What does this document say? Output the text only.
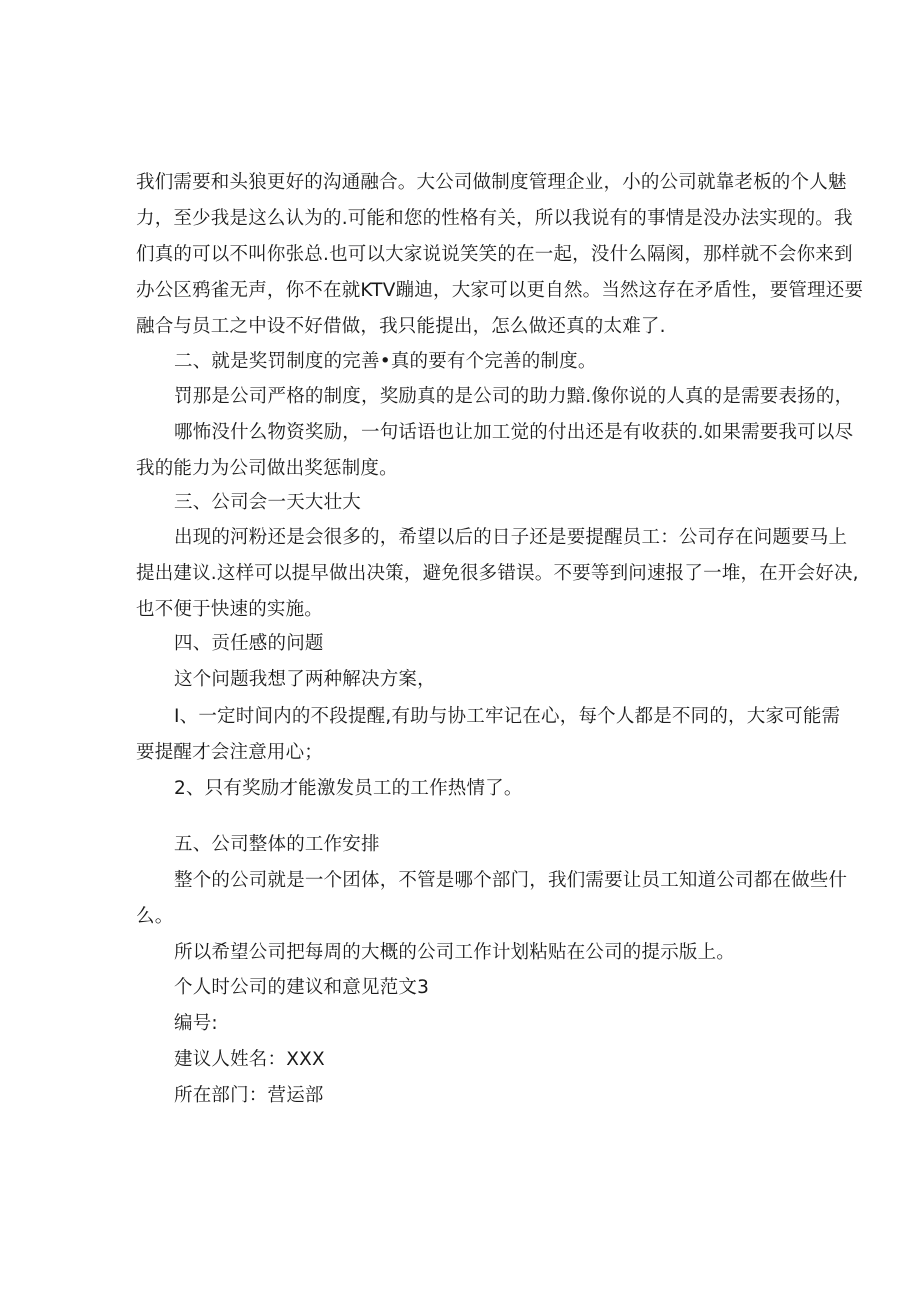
我们需要和头狼更好的沟通融合。大公司做制度管理企业，小的公司就靠老板的个人魅
力，至少我是这么认为的.可能和您的性格有关，所以我说有的事情是没办法实现的。我
们真的可以不叫你张总.也可以大家说说笑笑的在一起，没什么隔阂，那样就不会你来到
办公区鸦雀无声，你不在就KTV蹦迪，大家可以更自然。当然这存在矛盾性，要管理还要
融合与员工之中设不好借做，我只能提出，怎么做还真的太难了.
二、就是奖罚制度的完善•真的要有个完善的制度。
罚那是公司严格的制度，奖励真的是公司的助力黯.像你说的人真的是需要表扬的，
哪怖没什么物资奖励，一句话语也让加工觉的付出还是有收获的.如果需要我可以尽
我的能力为公司做出奖惩制度。
三、公司会一天大壮大
出现的河粉还是会很多的，希望以后的日子还是要提醒员工：公司存在问题要马上
提出建议.这样可以提早做出决策，避免很多错误。不要等到问速报了一堆，在开会好决,
也不便于快速的实施。
四、贡任感的问题
这个问题我想了两种解决方案，
I、一定时间内的不段提醒,有助与协工牢记在心，每个人都是不同的，大家可能需
要提醒才会注意用心；
2、只有奖励才能激发员工的工作热情了。
五、公司整体的工作安排
整个的公司就是一个团体，不管是哪个部门，我们需要让员工知道公司都在做些什
么。
所以希望公司把每周的大概的公司工作计划粘贴在公司的提示版上。
个人时公司的建议和意见范文3
编号:
建议人姓名：XXX
所在部门：营运部
